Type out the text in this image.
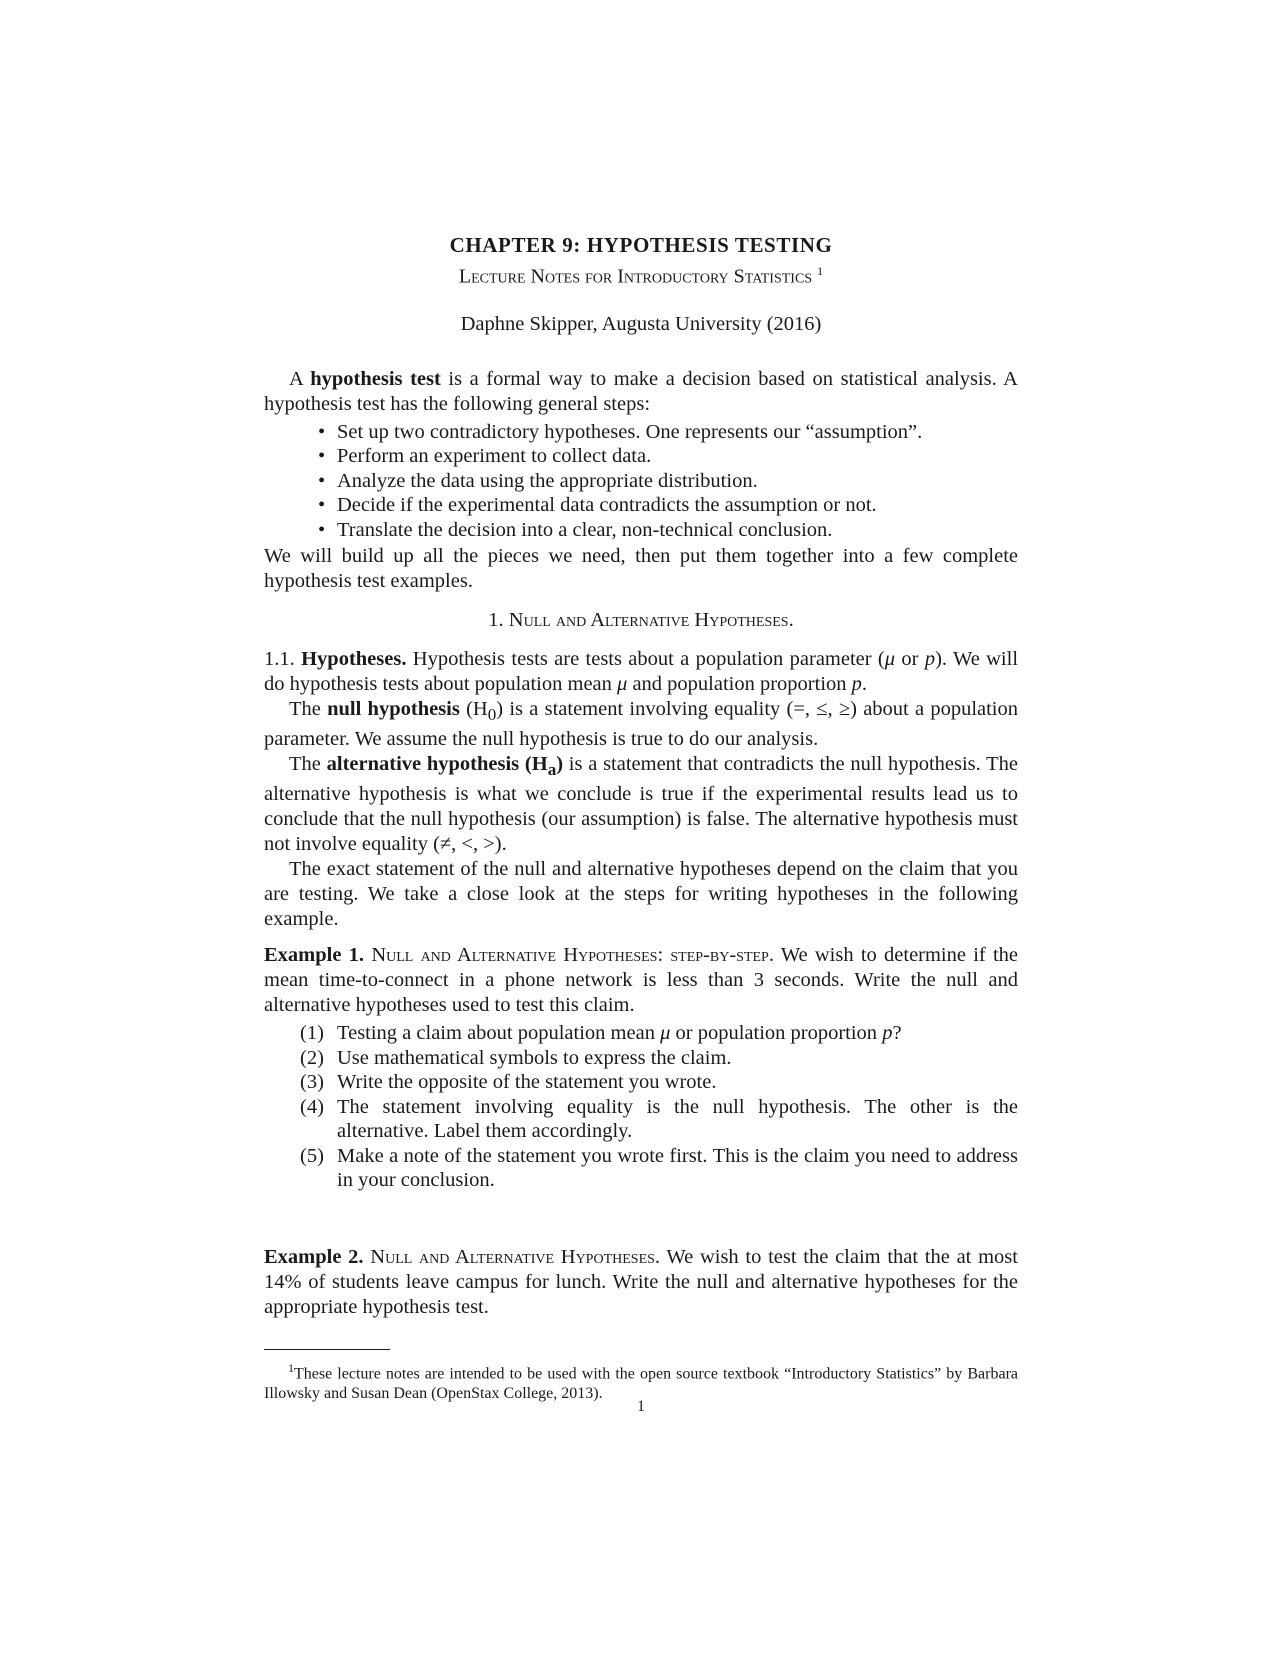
CHAPTER 9: HYPOTHESIS TESTING

Lecture Notes for Introductory Statistics $^1$

Daphne Skipper, Augusta University (2016)

A hypothesis test is a formal way to make a decision based on statistical analysis. A hypothesis test has the following general steps:

• Set up two contradictory hypotheses. One represents our “assumption”.
• Perform an experiment to collect data.
• Analyze the data using the appropriate distribution.
• Decide if the experimental data contradicts the assumption or not.
• Translate the decision into a clear, non-technical conclusion.

We will build up all the pieces we need, then put them together into a few complete hypothesis test examples.

1. Null and Alternative Hypotheses.

1.1. Hypotheses. Hypothesis tests are tests about a population parameter (μ or p). We will do hypothesis tests about population mean μ and population proportion p.

The null hypothesis $(H_0)$ is a statement involving equality (=, ≤, ≥) about a population parameter. We assume the null hypothesis is true to do our analysis.

The alternative hypothesis $(H_a)$ is a statement that contradicts the null hypothesis. The alternative hypothesis is what we conclude is true if the experimental results lead us to conclude that the null hypothesis (our assumption) is false. The alternative hypothesis must not involve equality (≠, <, >).

The exact statement of the null and alternative hypotheses depend on the claim that you are testing. We take a close look at the steps for writing hypotheses in the following example.

Example 1. Null and Alternative Hypotheses: step-by-step. We wish to determine if the mean time-to-connect in a phone network is less than 3 seconds. Write the null and alternative hypotheses used to test this claim.

(1) Testing a claim about population mean μ or population proportion p?
(2) Use mathematical symbols to express the claim.
(3) Write the opposite of the statement you wrote.
(4) The statement involving equality is the null hypothesis. The other is the alternative. Label them accordingly.
(5) Make a note of the statement you wrote first. This is the claim you need to address in your conclusion.

Example 2. Null and Alternative Hypotheses. We wish to test the claim that the at most 14% of students leave campus for lunch. Write the null and alternative hypotheses for the appropriate hypothesis test.

$^1$These lecture notes are intended to be used with the open source textbook “Introductory Statistics” by Barbara Illowsky and Susan Dean (OpenStax College, 2013).

1
